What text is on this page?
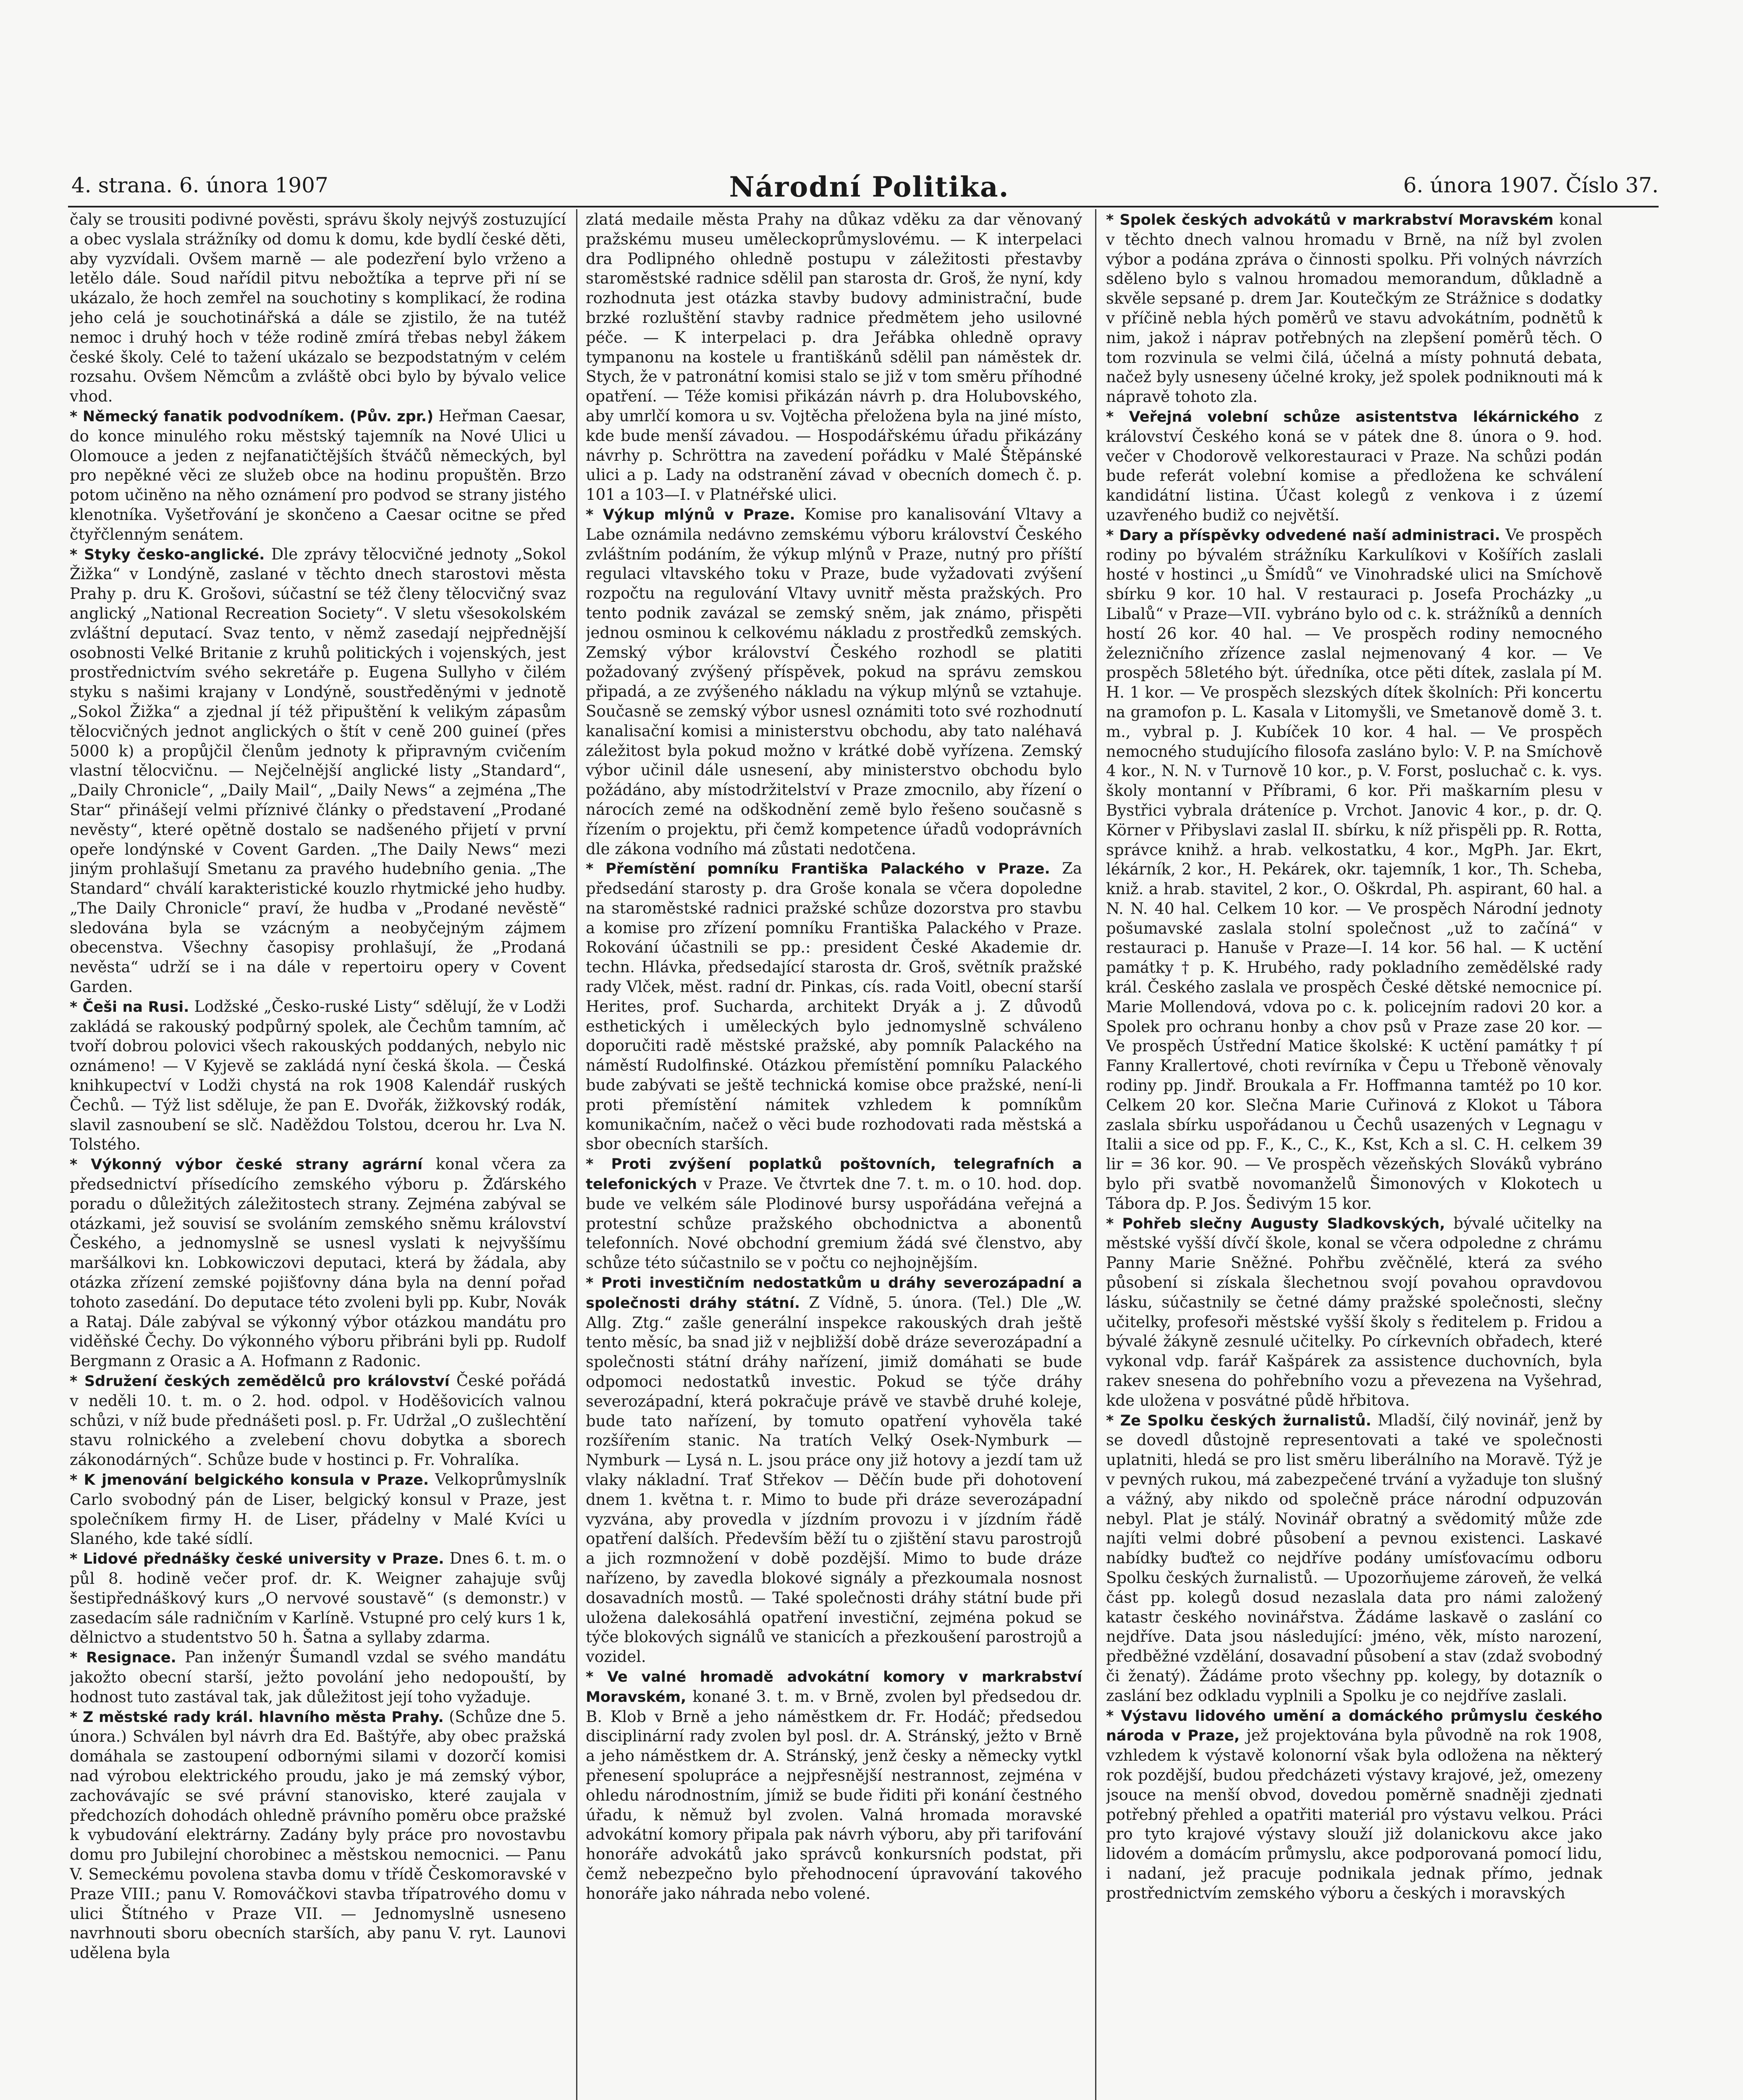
4. strana. 6. února 1907	Národní Politika.	6. února 1907. Číslo 37.

čaly se trousiti podivné pověsti, správu školy nejvýš zostuzující a obec vyslala strážníky od domu k domu, kde bydlí české děti, aby vyzvídali. Ovšem marně — ale podezření bylo vrženo a letělo dále. Soud nařídil pitvu nebožtíka a teprve při ní se ukázalo, že hoch zemřel na souchotiny s komplikací, že rodina jeho celá je souchotinářská a dále se zjistilo, že na tutéž nemoc i druhý hoch v téže rodině zmírá třebas nebyl žákem české školy. Celé to tažení ukázalo se bezpodstatným v celém rozsahu. Ovšem Němcům a zvláště obci bylo by bývalo velice vhod.

* Německý fanatik podvodníkem. (Pův. zpr.) Heřman Caesar, do konce minulého roku městský tajemník na Nové Ulici u Olomouce a jeden z nejfanatičtějších štváčů německých, byl pro nepěkné věci ze služeb obce na hodinu propuštěn. Brzo potom učiněno na něho oznámení pro podvod se strany jistého klenotníka. Vyšetřování je skončeno a Caesar ocitne se před čtyřčlenným senátem.

* Styky česko-anglické. Dle zprávy tělocvičné jednoty „Sokol Žižka“ v Londýně, zaslané v těchto dnech starostovi města Prahy p. dru K. Grošovi, súčastní se též členy tělocvičný svaz anglický „National Recreation Society“. V sletu všesokolském zvláštní deputací. Svaz tento, v němž zasedají nejpřednější osobnosti Velké Britanie z kruhů politických i vojenských, jest prostřednictvím svého sekretáře p. Eugena Sullyho v čilém styku s našimi krajany v Londýně, soustředěnými v jednotě „Sokol Žižka“ a zjednal jí též připuštění k velikým zápasům tělocvičných jednot anglických o štít v ceně 200 guineí (přes 5000 k) a propůjčil členům jednoty k připravným cvičením vlastní tělocvičnu. — Nejčelnější anglické listy „Standard“, „Daily Chronicle“, „Daily Mail“, „Daily News“ a zejména „The Star“ přinášejí velmi příznivé články o představení „Prodané nevěsty“, které opětně dostalo se nadšeného přijetí v první opeře londýnské v Covent Garden. „The Daily News“ mezi jiným prohlašují Smetanu za pravého hudebního genia. „The Standard“ chválí karakteristické kouzlo rhytmické jeho hudby. „The Daily Chronicle“ praví, že hudba v „Prodané nevěstě“ sledována byla se vzácným a neobyčejným zájmem obecenstva. Všechny časopisy prohlašují, že „Prodaná nevěsta“ udrží se i na dále v repertoiru opery v Covent Garden.

* Češi na Rusi. Lodžské „Česko-ruské Listy“ sdělují, že v Lodži zakládá se rakouský podpůrný spolek, ale Čechům tamním, ač tvoří dobrou polovici všech rakouských poddaných, nebylo nic oznámeno! — V Kyjevě se zakládá nyní česká škola. — Česká knihkupectví v Lodži chystá na rok 1908 Kalendář ruských Čechů. — Týž list sděluje, že pan E. Dvořák, žižkovský rodák, slavil zasnoubení se slč. Naděždou Tolstou, dcerou hr. Lva N. Tolstého.

* Výkonný výbor české strany agrární konal včera za předsednictví přísedícího zemského výboru p. Žďárského poradu o důležitých záležitostech strany. Zejména zabýval se otázkami, jež souvisí se svoláním zemského sněmu království Českého, a jednomyslně se usnesl vyslati k nejvyššímu maršálkovi kn. Lobkowiczovi deputaci, která by žádala, aby otázka zřízení zemské pojišťovny dána byla na denní pořad tohoto zasedání. Do deputace této zvoleni byli pp. Kubr, Novák a Rataj. Dále zabýval se výkonný výbor otázkou mandátu pro viděňské Čechy. Do výkonného výboru přibráni byli pp. Rudolf Bergmann z Orasic a A. Hofmann z Radonic.

* Sdružení českých zemědělců pro království České pořádá v neděli 10. t. m. o 2. hod. odpol. v Hoděšovicích valnou schůzi, v níž bude přednášeti posl. p. Fr. Udržal „O zušlechtění stavu rolnického a zvelebení chovu dobytka a sborech zákonodárných“. Schůze bude v hostinci p. Fr. Vohralíka.

* K jmenování belgického konsula v Praze. Velkoprůmyslník Carlo svobodný pán de Liser, belgický konsul v Praze, jest společníkem firmy H. de Liser, přádelny v Malé Kvíci u Slaného, kde také sídlí.

* Lidové přednášky české university v Praze. Dnes 6. t. m. o půl 8. hodině večer prof. dr. K. Weigner zahajuje svůj šestipřednáškový kurs „O nervové soustavě“ (s demonstr.) v zasedacím sále radničním v Karlíně. Vstupné pro celý kurs 1 k, dělnictvo a studentstvo 50 h. Šatna a syllaby zdarma.

* Resignace. Pan inženýr Šumandl vzdal se svého mandátu jakožto obecní starší, ježto povolání jeho nedopouští, by hodnost tuto zastával tak, jak důležitost její toho vyžaduje.

* Z městské rady král. hlavního města Prahy. (Schůze dne 5. února.) Schválen byl návrh dra Ed. Baštýře, aby obec pražská domáhala se zastoupení odbornými silami v dozorčí komisi nad výrobou elektrického proudu, jako je má zemský výbor, zachovávajíc se své právní stanovisko, které zaujala v předchozích dohodách ohledně právního poměru obce pražské k vybudování elektrárny. Zadány byly práce pro novostavbu domu pro Jubilejní chorobinec a městskou nemocnici. — Panu V. Semeckému povolena stavba domu v třídě Českomoravské v Praze VIII.; panu V. Romováčkovi stavba třípatrového domu v ulici Štítného v Praze VII. — Jednomyslně usneseno navrhnouti sboru obecních starších, aby panu V. ryt. Launovi udělena byla

zlatá medaile města Prahy na důkaz vděku za dar věnovaný pražskému museu uměleckoprůmyslovému. — K interpelaci dra Podlipného ohledně postupu v záležitosti přestavby staroměstské radnice sdělil pan starosta dr. Groš, že nyní, kdy rozhodnuta jest otázka stavby budovy administrační, bude brzké rozluštění stavby radnice předmětem jeho usilovné péče. — K interpelaci p. dra Jeřábka ohledně opravy tympanonu na kostele u františkánů sdělil pan náměstek dr. Stych, že v patronátní komisi stalo se již v tom směru příhodné opatření. — Téže komisi přikázán návrh p. dra Holubovského, aby umrlčí komora u sv. Vojtěcha přeložena byla na jiné místo, kde bude menší závadou. — Hospodářskému úřadu přikázány návrhy p. Schröttra na zavedení pořádku v Malé Štěpánské ulici a p. Lady na odstranění závad v obecních domech č. p. 101 a 103—I. v Platnéřské ulici.

* Výkup mlýnů v Praze. Komise pro kanalisování Vltavy a Labe oznámila nedávno zemskému výboru království Českého zvláštním podáním, že výkup mlýnů v Praze, nutný pro příští regulaci vltavského toku v Praze, bude vyžadovati zvýšení rozpočtu na regulování Vltavy uvnitř města pražských. Pro tento podnik zavázal se zemský sněm, jak známo, přispěti jednou osminou k celkovému nákladu z prostředků zemských. Zemský výbor království Českého rozhodl se platiti požadovaný zvýšený příspěvek, pokud na správu zemskou připadá, a ze zvýšeného nákladu na výkup mlýnů se vztahuje. Současně se zemský výbor usnesl oznámiti toto své rozhodnutí kanalisační komisi a ministerstvu obchodu, aby tato naléhavá záležitost byla pokud možno v krátké době vyřízena. Zemský výbor učinil dále usnesení, aby ministerstvo obchodu bylo požádáno, aby místodržitelství v Praze zmocnilo, aby řízení o nárocích zemé na odškodnění země bylo řešeno současně s řízením o projektu, při čemž kompetence úřadů vodoprávních dle zákona vodního má zůstati nedotčena.

* Přemístění pomníku Františka Palackého v Praze. Za předsedání starosty p. dra Groše konala se včera dopoledne na staroměstské radnici pražské schůze dozorstva pro stavbu a komise pro zřízení pomníku Františka Palackého v Praze. Rokování účastnili se pp.: president České Akademie dr. techn. Hlávka, předsedající starosta dr. Groš, světník pražské rady Vlček, měst. radní dr. Pinkas, cís. rada Voitl, obecní starší Herites, prof. Sucharda, architekt Dryák a j. Z důvodů esthetických i uměleckých bylo jednomyslně schváleno doporučiti radě městské pražské, aby pomník Palackého na náměstí Rudolfinské. Otázkou přemístění pomníku Palackého bude zabývati se ještě technická komise obce pražské, není-li proti přemístění námitek vzhledem k pomníkům komunikačním, načež o věci bude rozhodovati rada městská a sbor obecních starších.

* Proti zvýšení poplatků poštovních, telegrafních a telefonických v Praze. Ve čtvrtek dne 7. t. m. o 10. hod. dop. bude ve velkém sále Plodinové bursy uspořádána veřejná a protestní schůze pražského obchodnictva a abonentů telefonních. Nové obchodní gremium žádá své členstvo, aby schůze této súčastnilo se v počtu co nejhojnějším.

* Proti investičním nedostatkům u dráhy severozápadní a společnosti dráhy státní. Z Vídně, 5. února. (Tel.) Dle „W. Allg. Ztg.“ zašle generální inspekce rakouských drah ještě tento měsíc, ba snad již v nejbližší době dráze severozápadní a společnosti státní dráhy nařízení, jimiž domáhati se bude odpomoci nedostatků investic. Pokud se týče dráhy severozápadní, která pokračuje právě ve stavbě druhé koleje, bude tato nařízení, by tomuto opatření vyhověla také rozšířením stanic. Na tratích Velký Osek-Nymburk — Nymburk — Lysá n. L. jsou práce ony již hotovy a jezdí tam už vlaky nákladní. Trať Střekov — Děčín bude při dohotovení dnem 1. května t. r. Mimo to bude při dráze severozápadní vyzvána, aby provedla v jízdním provozu i v jízdním řádě opatření dalších. Především běží tu o zjištění stavu parostrojů a jich rozmnožení v době pozdější. Mimo to bude dráze nařízeno, by zavedla blokové signály a přezkoumala nosnost dosavadních mostů. — Také společnosti dráhy státní bude při uložena dalekosáhlá opatření investiční, zejména pokud se týče blokových signálů ve stanicích a přezkoušení parostrojů a vozidel.

* Ve valné hromadě advokátní komory v markrabství Moravském, konané 3. t. m. v Brně, zvolen byl předsedou dr. B. Klob v Brně a jeho náměstkem dr. Fr. Hodáč; předsedou disciplinární rady zvolen byl posl. dr. A. Stránský, ježto v Brně a jeho náměstkem dr. A. Stránský, jenž česky a německy vytkl přenesení spolupráce a nejpřesnější nestrannost, zejména v ohledu národnostním, jímiž se bude řiditi při konání čestného úřadu, k němuž byl zvolen. Valná hromada moravské advokátní komory připala pak návrh výboru, aby při tarifování honoráře advokátů jako správců konkursních podstat, při čemž nebezpečno bylo přehodnocení úpravování takového honoráře jako náhrada nebo volené.

* Spolek českých advokátů v markrabství Moravském konal v těchto dnech valnou hromadu v Brně, na níž byl zvolen výbor a podána zpráva o činnosti spolku. Při volných návrzích sděleno bylo s valnou hromadou memorandum, důkladně a skvěle sepsané p. drem Jar. Koutečkým ze Strážnice s dodatky v příčině nebla hých poměrů ve stavu advokátním, podnětů k nim, jakož i náprav potřebných na zlepšení poměrů těch. O tom rozvinula se velmi čilá, účelná a místy pohnutá debata, načež byly usneseny účelné kroky, jež spolek podniknouti má k nápravě tohoto zla.

* Veřejná volební schůze asistentstva lékárnického z království Českého koná se v pátek dne 8. února o 9. hod. večer v Chodorově velkorestauraci v Praze. Na schůzi podán bude referát volební komise a předložena ke schválení kandidátní listina. Účast kolegů z venkova i z území uzavřeného budiž co největší.

* Dary a příspěvky odvedené naší administraci. Ve prospěch rodiny po bývalém strážníku Karkulíkovi v Košířích zaslali hosté v hostinci „u Šmídů“ ve Vinohradské ulici na Smíchově sbírku 9 kor. 10 hal. V restauraci p. Josefa Procházky „u Libalů“ v Praze—VII. vybráno bylo od c. k. strážníků a denních hostí 26 kor. 40 hal. — Ve prospěch rodiny nemocného železničního zřízence zaslal nejmenovaný 4 kor. — Ve prospěch 58letého být. úředníka, otce pěti dítek, zaslala pí M. H. 1 kor. — Ve prospěch slezských dítek školních: Při koncertu na gramofon p. L. Kasala v Litomyšli, ve Smetanově domě 3. t. m., vybral p. J. Kubíček 10 kor. 4 hal. — Ve prospěch nemocného studujícího filosofa zasláno bylo: V. P. na Smíchově 4 kor., N. N. v Turnově 10 kor., p. V. Forst, posluchač c. k. vys. školy montanní v Příbrami, 6 kor. Při maškarním plesu v Bystřici vybrala dráteníce p. Vrchot. Janovic 4 kor., p. dr. Q. Körner v Přibyslavi zaslal II. sbírku, k níž přispěli pp. R. Rotta, správce knihž. a hrab. velkostatku, 4 kor., MgPh. Jar. Ekrt, lékárník, 2 kor., H. Pekárek, okr. tajemník, 1 kor., Th. Scheba, kniž. a hrab. stavitel, 2 kor., O. Oškrdal, Ph. aspirant, 60 hal. a N. N. 40 hal. Celkem 10 kor. — Ve prospěch Národní jednoty pošumavské zaslala stolní společnost „už to začíná“ v restauraci p. Hanuše v Praze—I. 14 kor. 56 hal. — K uctění památky † p. K. Hrubého, rady pokladního zemědělské rady král. Českého zaslala ve prospěch České dětské nemocnice pí. Marie Mollendová, vdova po c. k. policejním radovi 20 kor. a Spolek pro ochranu honby a chov psů v Praze zase 20 kor. — Ve prospěch Ústřední Matice školské: K uctění památky † pí Fanny Krallertové, choti revírníka v Čepu u Třeboně věnovaly rodiny pp. Jindř. Broukala a Fr. Hoffmanna tamtéž po 10 kor. Celkem 20 kor. Slečna Marie Cuřinová z Klokot u Tábora zaslala sbírku uspořádanou u Čechů usazených v Legnagu v Italii a sice od pp. F., K., C., K., Kst, Kch a sl. C. H. celkem 39 lir = 36 kor. 90. — Ve prospěch vězeňských Slováků vybráno bylo při svatbě novomanželů Šimonových v Klokotech u Tábora dp. P. Jos. Šedivým 15 kor.

* Pohřeb slečny Augusty Sladkovských, bývalé učitelky na městské vyšší dívčí škole, konal se včera odpoledne z chrámu Panny Marie Sněžné. Pohřbu zvěčnělé, která za svého působení si získala šlechetnou svojí povahou opravdovou lásku, súčastnily se četné dámy pražské společnosti, slečny učitelky, profesoři městské vyšší školy s ředitelem p. Fridou a bývalé žákyně zesnulé učitelky. Po církevních obřadech, které vykonal vdp. farář Kašpárek za assistence duchovních, byla rakev snesena do pohřebního vozu a převezena na Vyšehrad, kde uložena v posvátné půdě hřbitova.

* Ze Spolku českých žurnalistů. Mladší, čilý novinář, jenž by se dovedl důstojně representovati a také ve společnosti uplatniti, hledá se pro list směru liberálního na Moravě. Týž je v pevných rukou, má zabezpečené trvání a vyžaduje ton slušný a vážný, aby nikdo od společně práce národní odpuzován nebyl. Plat je stálý. Novinář obratný a svědomitý může zde najíti velmi dobré působení a pevnou existenci. Laskavé nabídky buďtež co nejdříve podány umísťovacímu odboru Spolku českých žurnalistů. — Upozorňujeme zároveň, že velká část pp. kolegů dosud nezaslala data pro námi založený katastr českého novinářstva. Žádáme laskavě o zaslání co nejdříve. Data jsou následující: jméno, věk, místo narození, předběžné vzdělání, dosavadní působení a stav (zdaž svobodný či ženatý). Žádáme proto všechny pp. kolegy, by dotazník o zaslání bez odkladu vyplnili a Spolku je co nejdříve zaslali.

* Výstavu lidového umění a domáckého průmyslu českého národa v Praze, jež projektována byla původně na rok 1908, vzhledem k výstavě kolonorní však byla odložena na některý rok pozdější, budou předcházeti výstavy krajové, jež, omezeny jsouce na menší obvod, dovedou poměrně snadněji zjednati potřebný přehled a opatřiti materiál pro výstavu velkou. Práci pro tyto krajové výstavy slouží již dolanickovu akce jako lidovém a domácím průmyslu, akce podporovaná pomocí lidu, i nadaní, jež pracuje podnikala jednak přímo, jednak prostřednictvím zemského výboru a českých i moravských
